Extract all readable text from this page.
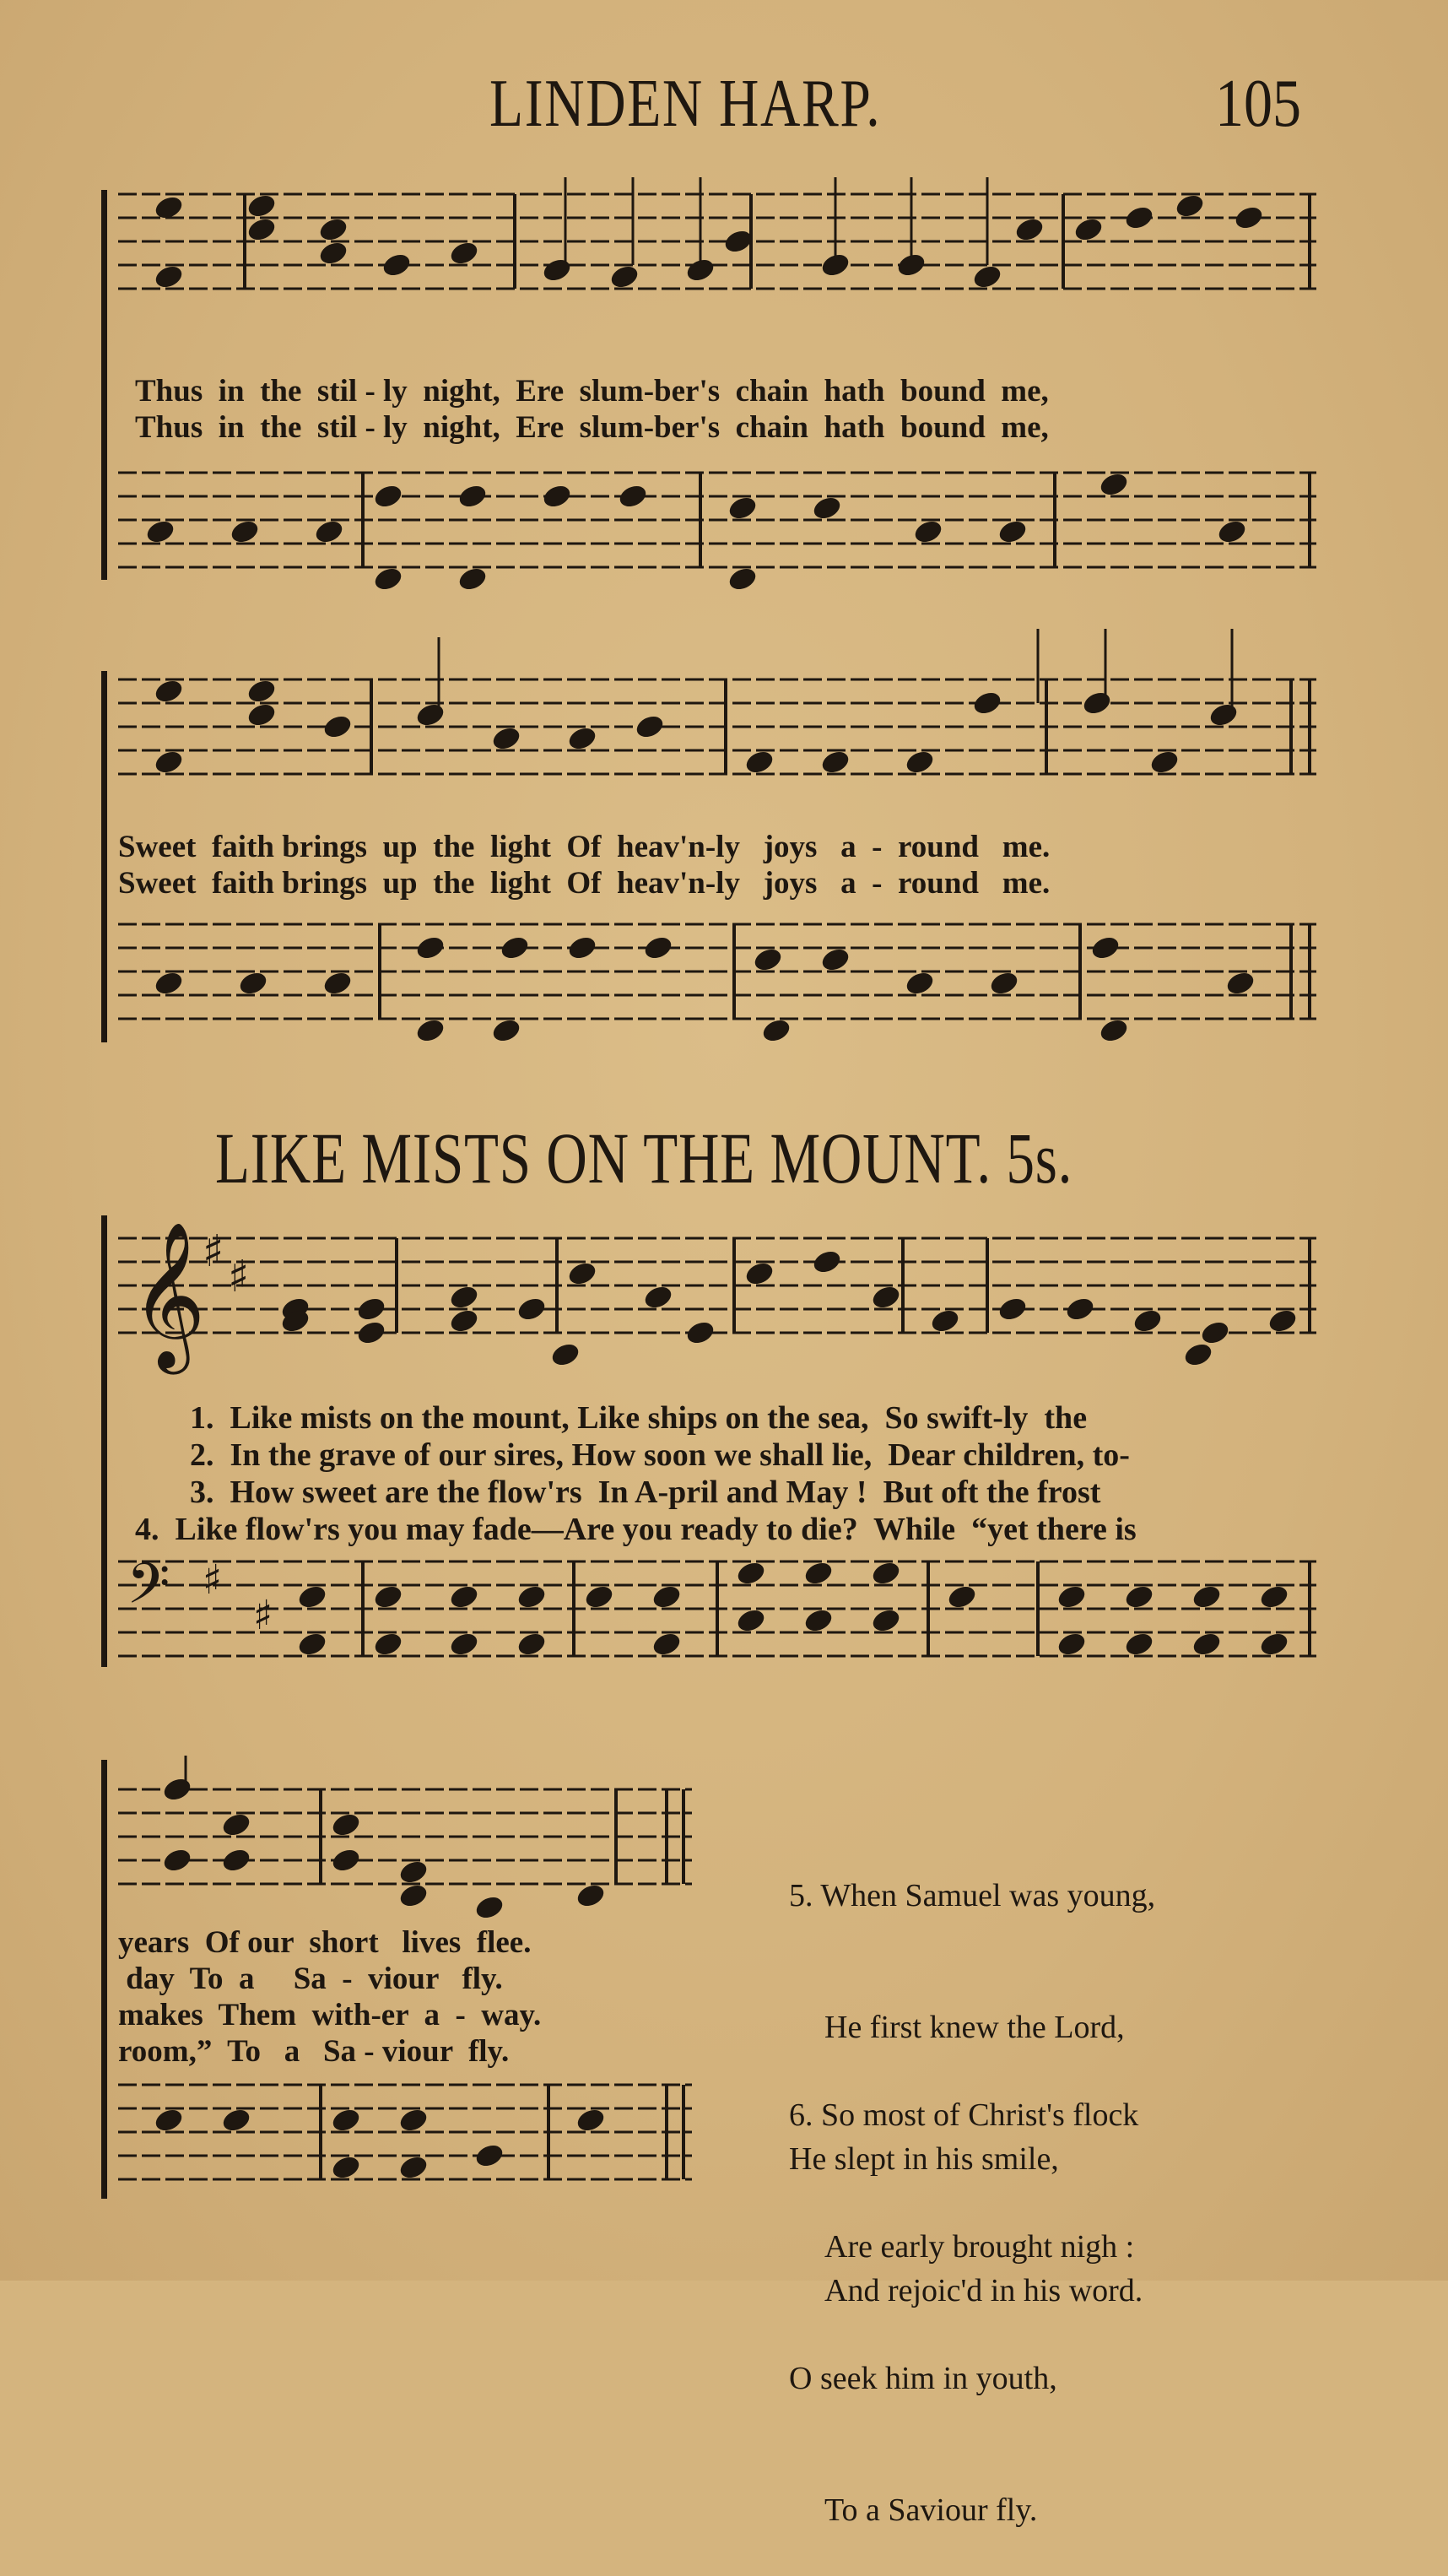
LINDEN HARP.	105
Thus  in  the  stil - ly  night,  Ere  slum-ber's  chain  hath  bound  me,
Thus  in  the  stil - ly  night,  Ere  slum-ber's  chain  hath  bound  me,
Sweet  faith brings  up  the  light  Of  heav'n-ly   joys   a  -  round   me.
Sweet  faith brings  up  the  light  Of  heav'n-ly   joys   a  -  round   me.
LIKE MISTS ON THE MOUNT. 5s.
𝄞
♯ ♯
1.  Like mists on the mount, Like ships on the sea,  So swift-ly  the
2.  In the grave of our sires, How soon we shall lie,  Dear children, to-
3.  How sweet are the flow'rs  In A-pril and May !  But oft the frost
4.  Like flow'rs you may fade—Are you ready to die?  While  “yet there is
𝄢 ♯
♯
years  Of our  short   lives  flee.
day  To  a     Sa  -  viour   fly.
makes  Them  with-er  a  -  way.
room,”  To   a   Sa - viour  fly.

5. When Samuel was young,

He first knew the Lord,

He slept in his smile,

And rejoic'd in his word.

6. So most of Christ's flock

Are early brought nigh :

O seek him in youth,

To a Saviour fly.
